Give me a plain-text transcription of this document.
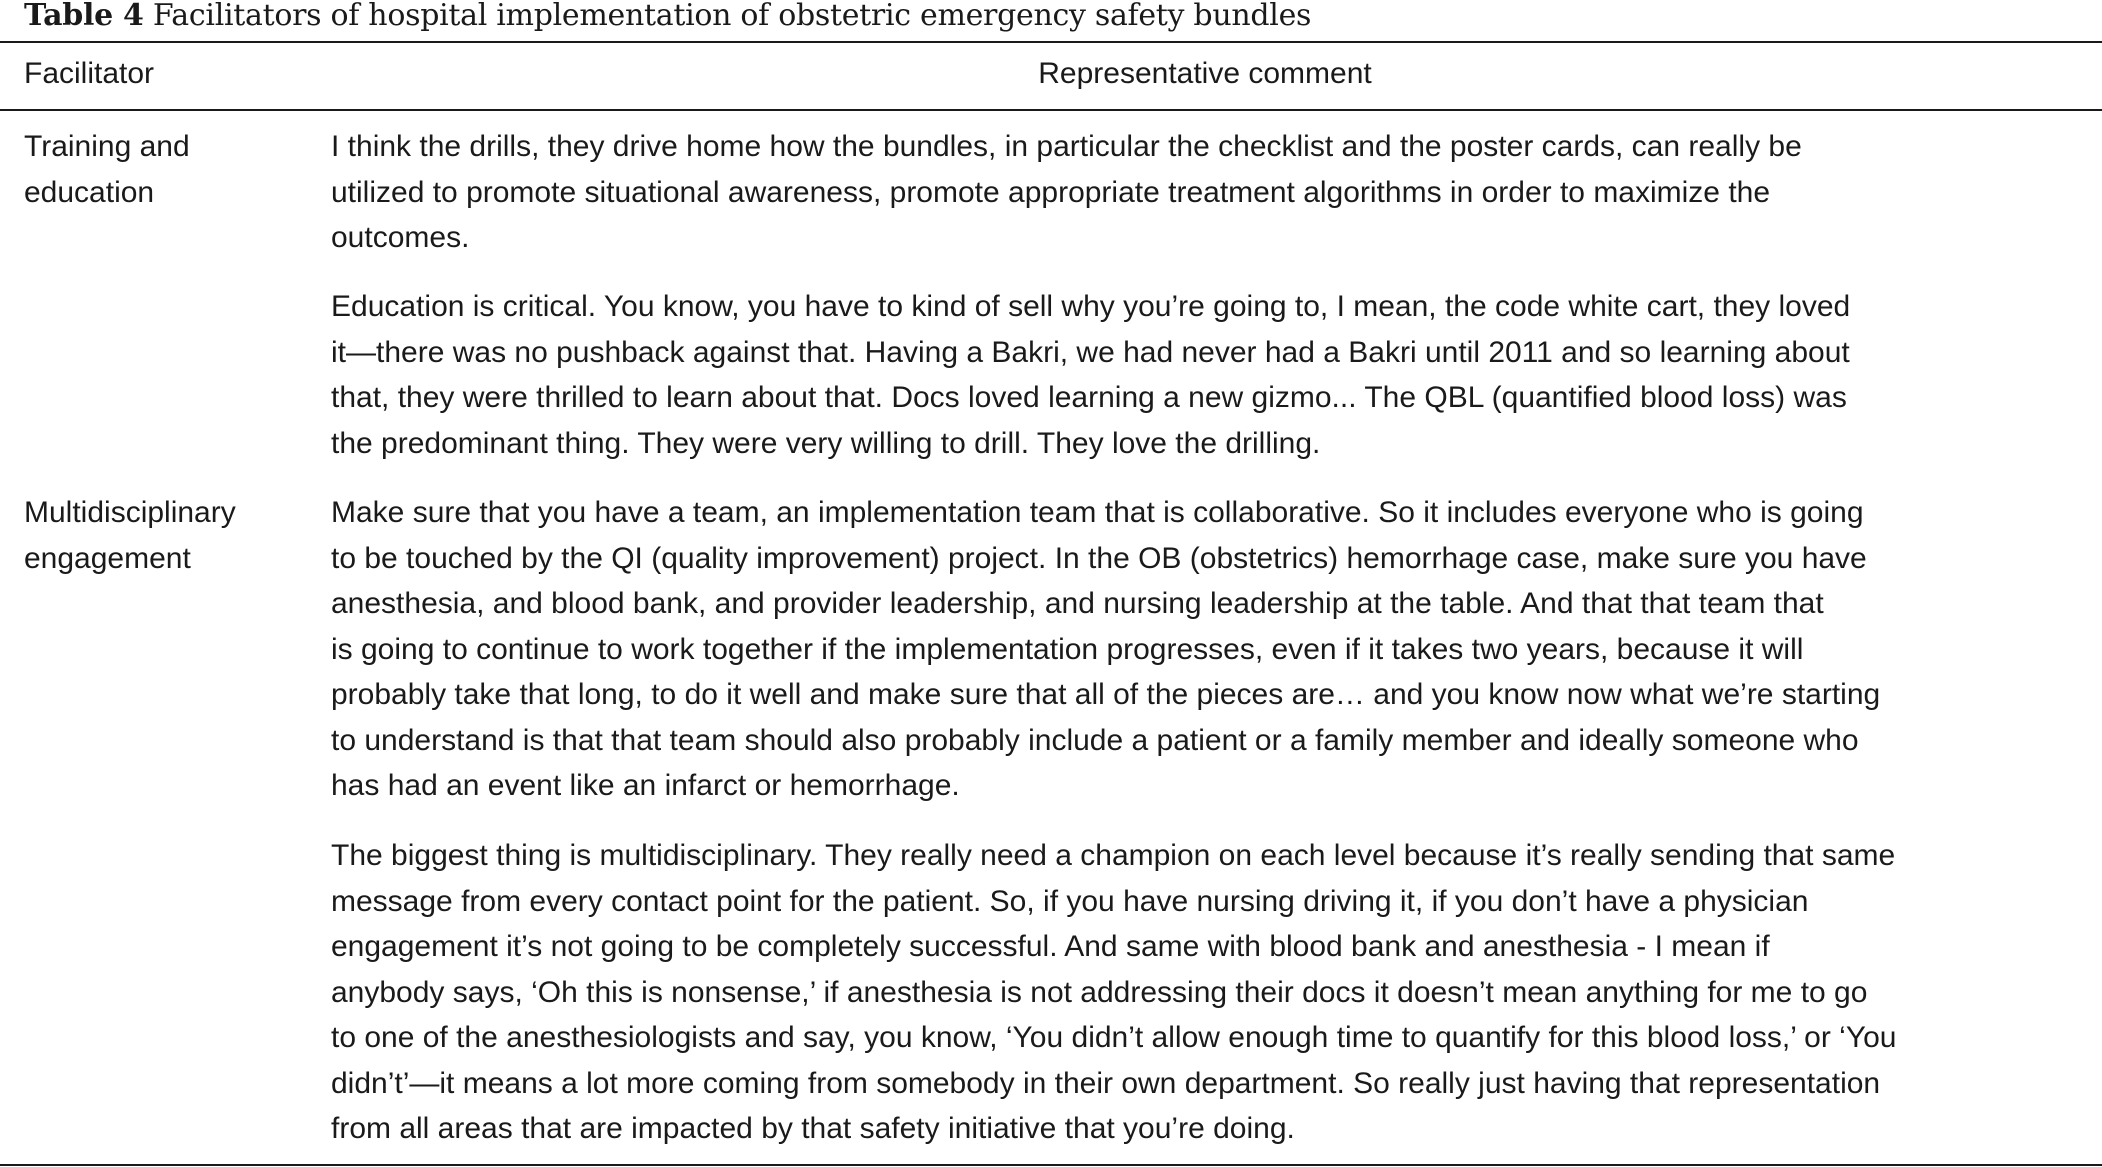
Table 4 Facilitators of hospital implementation of obstetric emergency safety bundles
Facilitator	Representative comment
Training and
education
I think the drills, they drive home how the bundles, in particular the checklist and the poster cards, can really be
utilized to promote situational awareness, promote appropriate treatment algorithms in order to maximize the
outcomes.
Education is critical. You know, you have to kind of sell why you’re going to, I mean, the code white cart, they loved
it—there was no pushback against that. Having a Bakri, we had never had a Bakri until 2011 and so learning about
that, they were thrilled to learn about that. Docs loved learning a new gizmo... The QBL (quantified blood loss) was
the predominant thing. They were very willing to drill. They love the drilling.
Multidisciplinary
engagement
Make sure that you have a team, an implementation team that is collaborative. So it includes everyone who is going
to be touched by the QI (quality improvement) project. In the OB (obstetrics) hemorrhage case, make sure you have
anesthesia, and blood bank, and provider leadership, and nursing leadership at the table. And that that team that
is going to continue to work together if the implementation progresses, even if it takes two years, because it will
probably take that long, to do it well and make sure that all of the pieces are… and you know now what we’re starting
to understand is that that team should also probably include a patient or a family member and ideally someone who
has had an event like an infarct or hemorrhage.
The biggest thing is multidisciplinary. They really need a champion on each level because it’s really sending that same
message from every contact point for the patient. So, if you have nursing driving it, if you don’t have a physician
engagement it’s not going to be completely successful. And same with blood bank and anesthesia - I mean if
anybody says, ‘Oh this is nonsense,’ if anesthesia is not addressing their docs it doesn’t mean anything for me to go
to one of the anesthesiologists and say, you know, ‘You didn’t allow enough time to quantify for this blood loss,’ or ‘You
didn’t’—it means a lot more coming from somebody in their own department. So really just having that representation
from all areas that are impacted by that safety initiative that you’re doing.
